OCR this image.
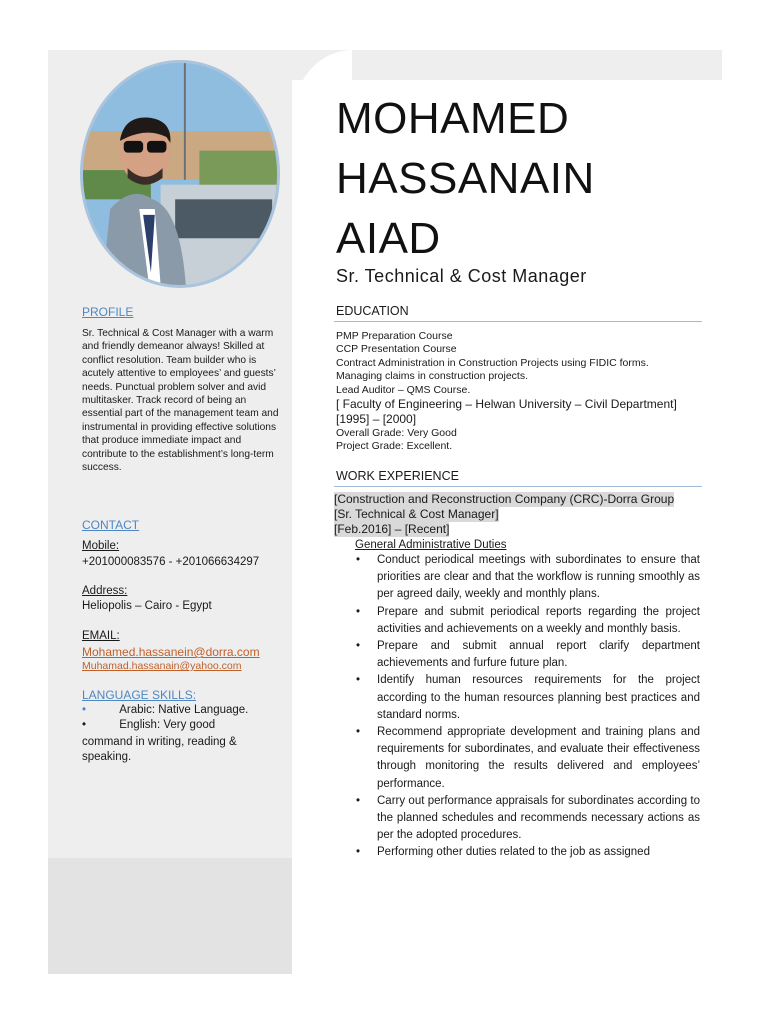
PROFILE
Sr. Technical & Cost Manager with a warm and friendly demeanor always! Skilled at conflict resolution. Team builder who is acutely attentive to employees’ and guests’ needs. Punctual problem solver and avid multitasker. Track record of being an essential part of the management team and instrumental in providing effective solutions that produce immediate impact and contribute to the establishment’s long-term success.
CONTACT
Mobile:
+201000083576 - +201066634297
Address:
Heliopolis – Cairo - Egypt
EMAIL:
Mohamed.hassanein@dorra.com
Muhamad.hassanain@yahoo.com
LANGUAGE SKILLS:
•	Arabic: Native Language.
•	English: Very good
command in writing, reading & speaking.
MOHAMED
HASSANAIN
AIAD
Sr. Technical & Cost Manager
EDUCATION
PMP Preparation Course
CCP Presentation Course
Contract Administration in Construction Projects using FIDIC forms.
Managing claims in construction projects.
Lead Auditor – QMS Course.
[ Faculty of Engineering – Helwan University – Civil Department]
[1995] – [2000]
Overall Grade: Very Good
Project Grade: Excellent.
WORK EXPERIENCE
[Construction and Reconstruction Company (CRC)-Dorra Group
[Sr. Technical & Cost Manager]
[Feb.2016] – [Recent]
General Administrative Duties
• Conduct periodical meetings with subordinates to ensure that priorities are clear and that the workflow is running smoothly as per agreed daily, weekly and monthly plans.
• Prepare and submit periodical reports regarding the project activities and achievements on a weekly and monthly basis.
• Prepare and submit annual report clarify department achievements and furfure future plan.
• Identify human resources requirements for the project according to the human resources planning best practices and standard norms.
• Recommend appropriate development and training plans and requirements for subordinates, and evaluate their effectiveness through monitoring the results delivered and employees’ performance.
• Carry out performance appraisals for subordinates according to the planned schedules and recommends necessary actions as per the adopted procedures.
• Performing other duties related to the job as assigned
